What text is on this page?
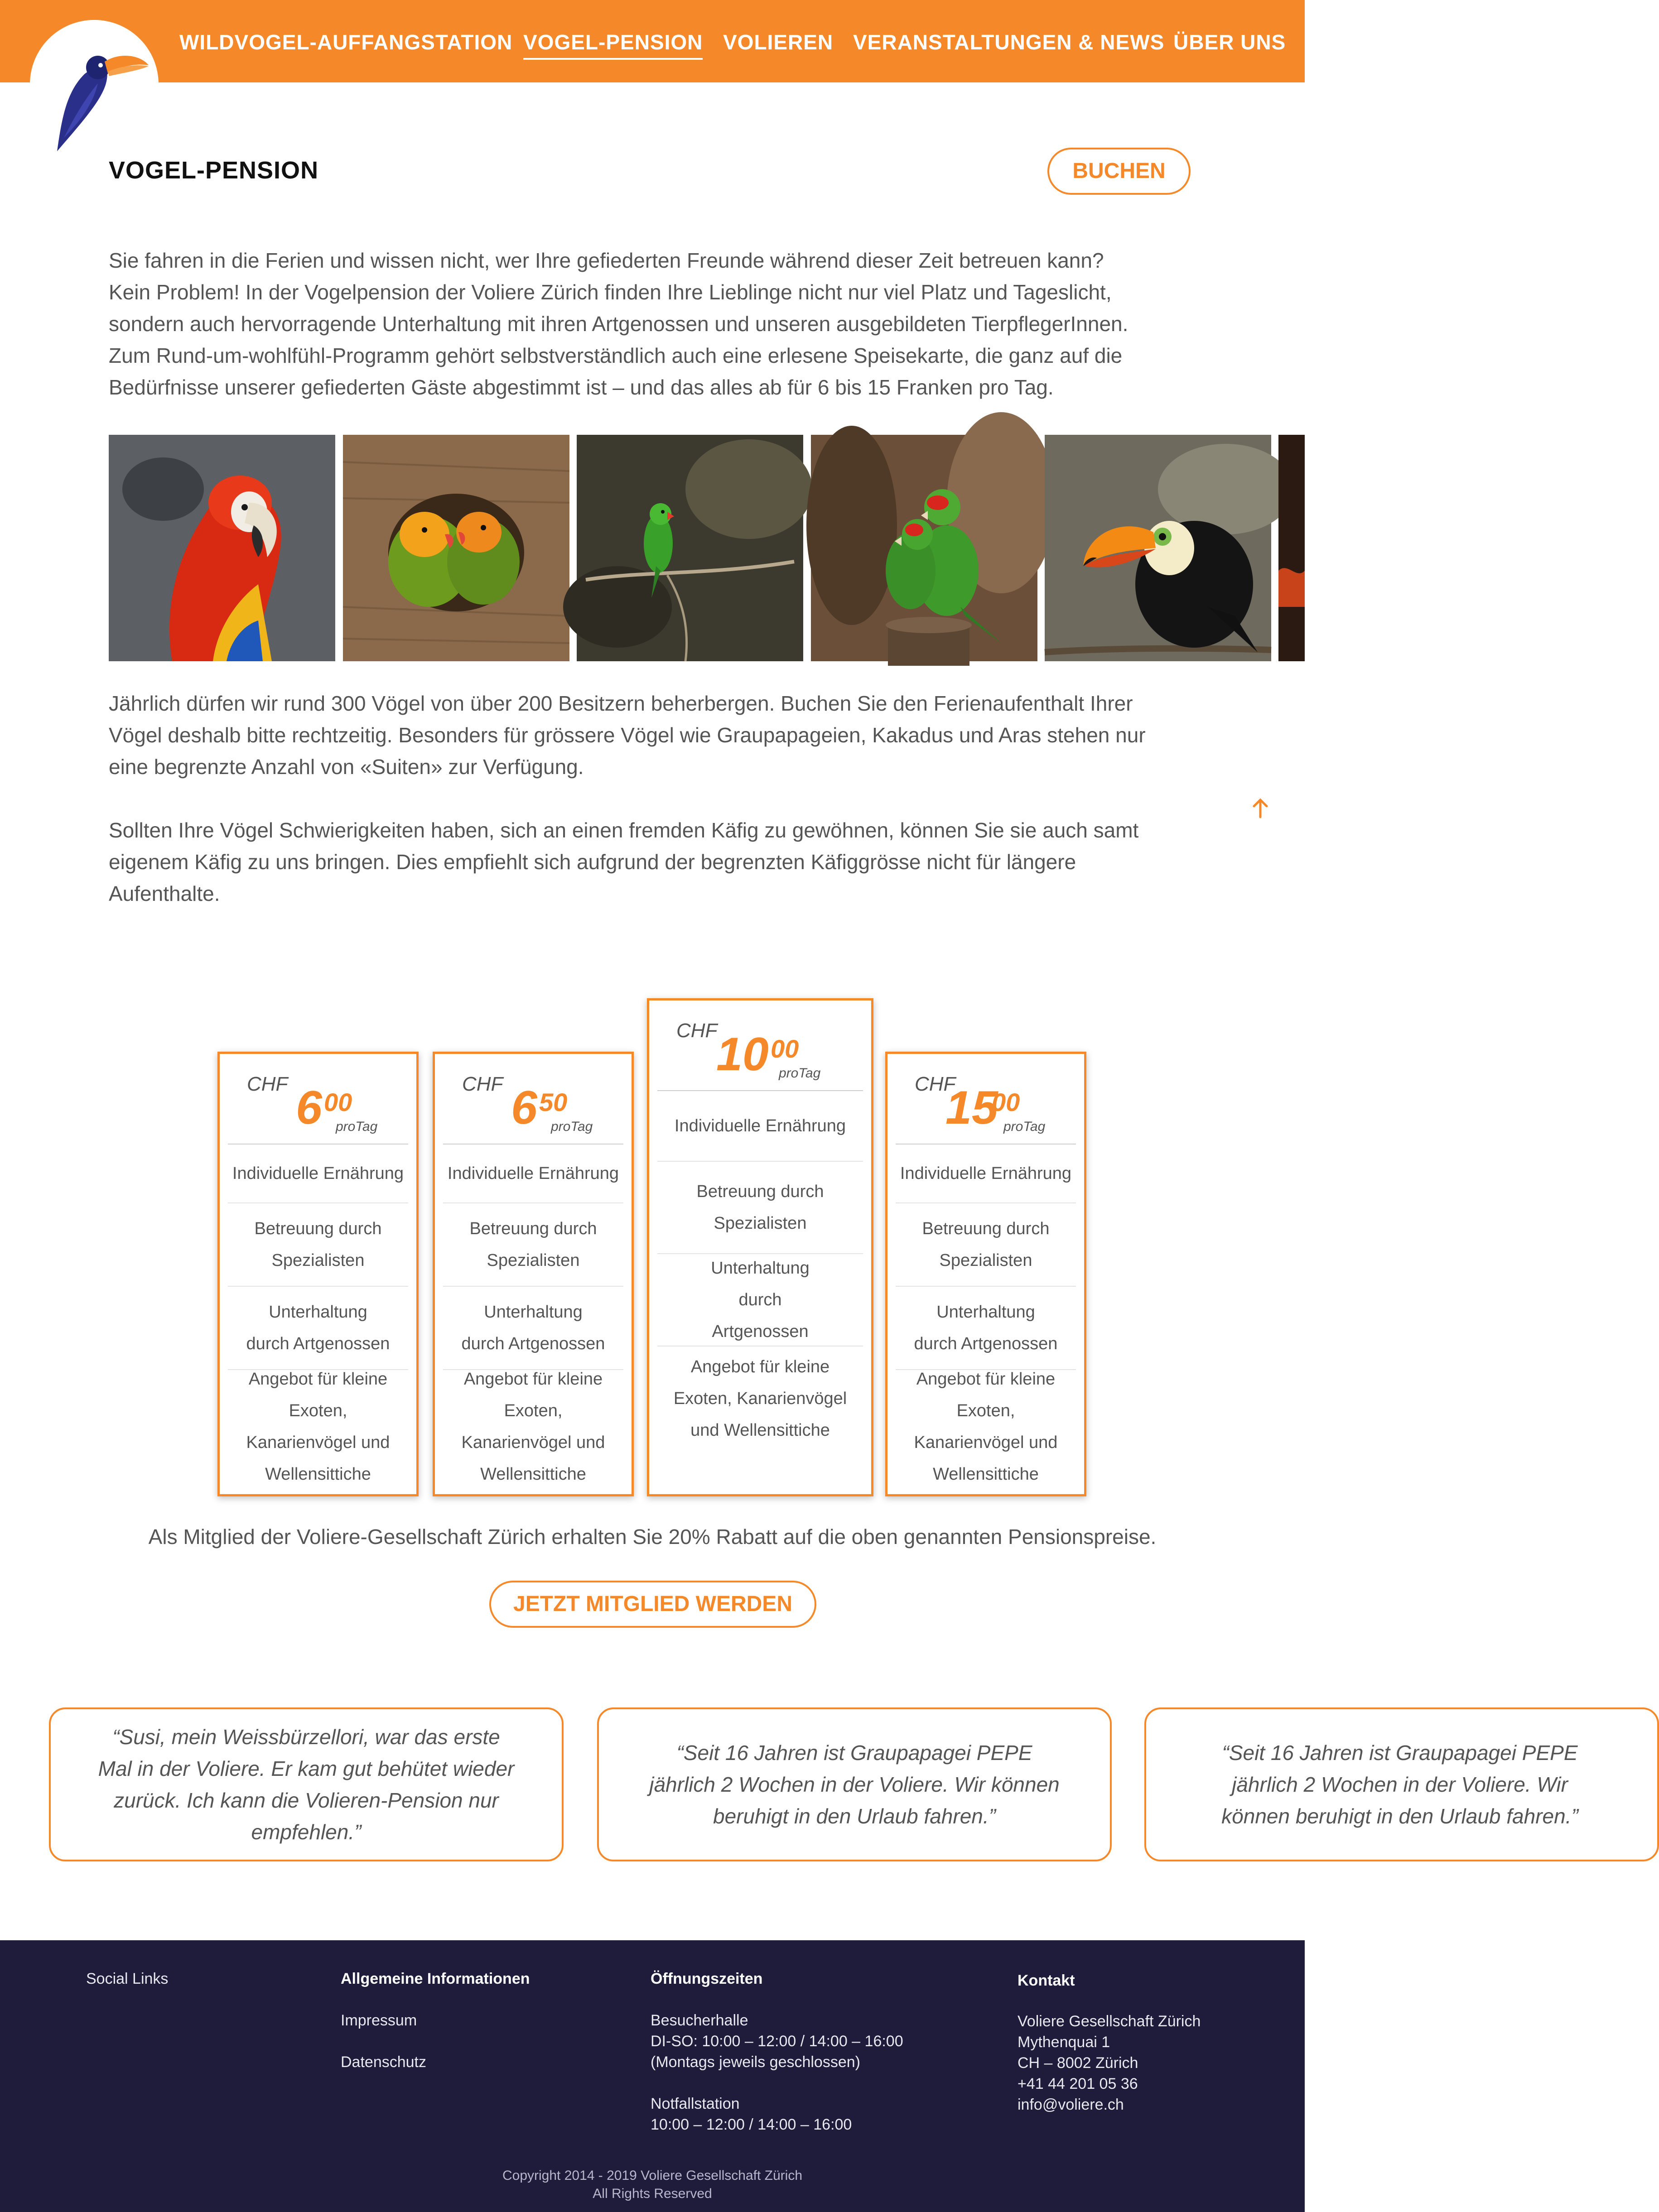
WILDVOGEL-AUFFANGSTATION VOGEL-PENSION VOLIEREN VERANSTALTUNGEN & NEWS ÜBER UNS
VOGEL-PENSION	BUCHEN
Sie fahren in die Ferien und wissen nicht, wer Ihre gefiederten Freunde während dieser Zeit betreuen kann?
Kein Problem! In der Vogelpension der Voliere Zürich finden Ihre Lieblinge nicht nur viel Platz und Tageslicht,
sondern auch hervorragende Unterhaltung mit ihren Artgenossen und unseren ausgebildeten TierpflegerInnen.
Zum Rund-um-wohlfühl-Programm gehört selbstverständlich auch eine erlesene Speisekarte, die ganz auf die
Bedürfnisse unserer gefiederten Gäste abgestimmt ist – und das alles ab für 6 bis 15 Franken pro Tag.
Jährlich dürfen wir rund 300 Vögel von über 200 Besitzern beherbergen. Buchen Sie den Ferienaufenthalt Ihrer
Vögel deshalb bitte rechtzeitig. Besonders für grössere Vögel wie Graupapageien, Kakadus und Aras stehen nur
eine begrenzte Anzahl von «Suiten» zur Verfügung.
Sollten Ihre Vögel Schwierigkeiten haben, sich an einen fremden Käfig zu gewöhnen, können Sie sie auch samt
eigenem Käfig zu uns bringen. Dies empfiehlt sich aufgrund der begrenzten Käfiggrösse nicht für längere
Aufenthalte.
CHF 6 00
proTag
Individuelle Ernährung
Betreuung durch Spezialisten
Unterhaltung durch Artgenossen
Angebot für kleine Exoten, Kanarienvögel und Wellensittiche
CHF 6 50
proTag
Individuelle Ernährung
Betreuung durch Spezialisten
Unterhaltung durch Artgenossen
Angebot für kleine Exoten, Kanarienvögel und Wellensittiche
CHF
10 00
proTag
Individuelle Ernährung
Betreuung durch Spezialisten
Unterhaltung durch Artgenossen
Angebot für kleine Exoten, Kanarienvögel und Wellensittiche
CHF
15
00
proTag
Individuelle Ernährung
Betreuung durch Spezialisten
Unterhaltung durch Artgenossen
Angebot für kleine Exoten, Kanarienvögel und Wellensittiche
Als Mitglied der Voliere-Gesellschaft Zürich erhalten Sie 20% Rabatt auf die oben genannten Pensionspreise.
JETZT MITGLIED WERDEN
“Susi, mein Weissbürzellori, war das erste Mal in der Voliere. Er kam gut behütet wieder zurück. Ich kann die Volieren-Pension nur empfehlen.”
“Seit 16 Jahren ist Graupapagei PEPE jährlich 2 Wochen in der Voliere. Wir können beruhigt in den Urlaub fahren.”
“Seit 16 Jahren ist Graupapagei PEPE jährlich 2 Wochen in der Voliere. Wir können beruhigt in den Urlaub fahren.”
Social Links	Allgemeine Informationen
Impressum
Datenschutz
Öffnungszeiten
Besucherhalle
DI-SO: 10:00 – 12:00 / 14:00 – 16:00
(Montags jeweils geschlossen)
Notfallstation
10:00 – 12:00 / 14:00 – 16:00
Kontakt
Voliere Gesellschaft Zürich
Mythenquai 1
CH – 8002 Zürich
+41 44 201 05 36
info@voliere.ch
Copyright 2014 - 2019 Voliere Gesellschaft Zürich
All Rights Reserved
